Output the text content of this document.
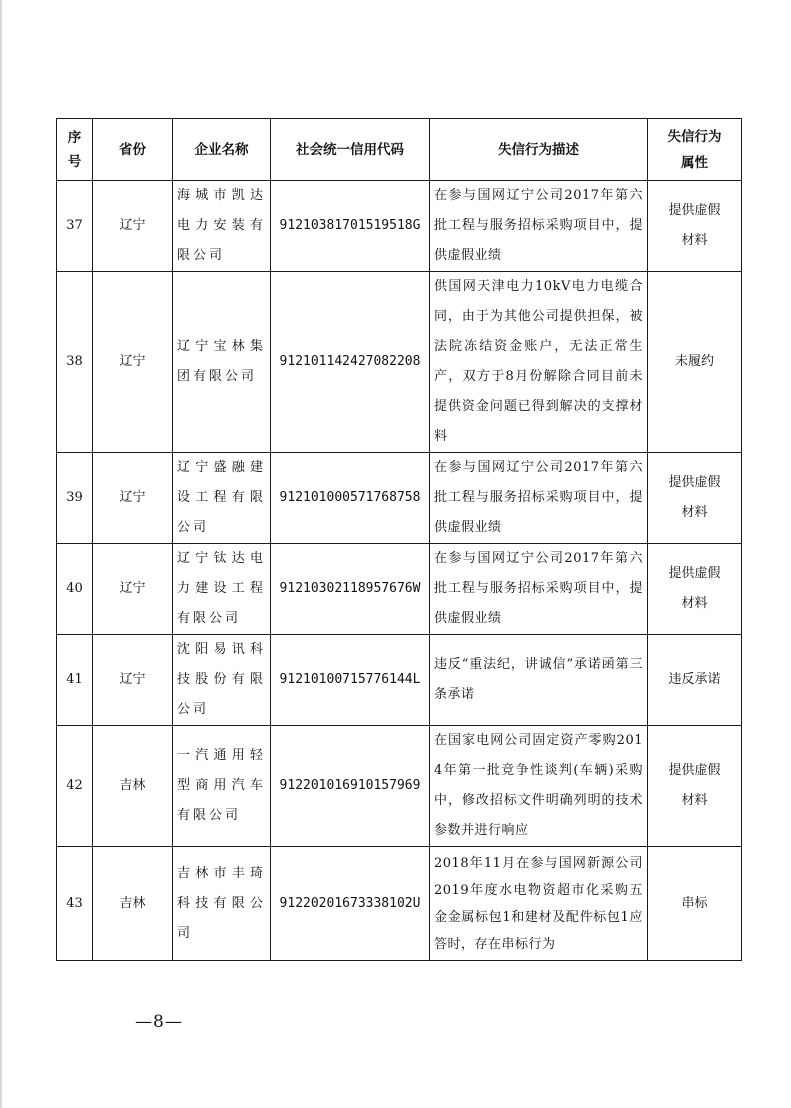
序号	省份	企业名称	社会统一信用代码	失信行为描述	失信行为属性
37	辽宁	海城市凯达电力安装有限公司	91210381701519518G	在参与国网辽宁公司2017年第六批工程与服务招标采购项目中，提供虚假业绩	提供虚假材料
38	辽宁	辽宁宝林集团有限公司	912101142427082208	供国网天津电力10kV电力电缆合同，由于为其他公司提供担保，被法院冻结资金账户，无法正常生产，双方于8月份解除合同目前未提供资金问题已得到解决的支撑材料	未履约
39	辽宁	辽宁盛融建设工程有限公司	912101000571768758	在参与国网辽宁公司2017年第六批工程与服务招标采购项目中，提供虚假业绩	提供虚假材料
40	辽宁	辽宁钛达电力建设工程有限公司	91210302118957676W	在参与国网辽宁公司2017年第六批工程与服务招标采购项目中，提供虚假业绩	提供虚假材料
41	辽宁	沈阳易讯科技股份有限公司	91210100715776144L	违反“重法纪，讲诚信”承诺函第三条承诺	违反承诺
42	吉林	一汽通用轻型商用汽车有限公司	912201016910157969	在国家电网公司固定资产零购2014年第一批竞争性谈判(车辆)采购中，修改招标文件明确列明的技术参数并进行响应	提供虚假材料
43	吉林	吉林市丰琦科技有限公司	91220201673338102U	2018年11月在参与国网新源公司2019年度水电物资超市化采购五金金属标包1和建材及配件标包1应答时，存在串标行为	串标
—8—
